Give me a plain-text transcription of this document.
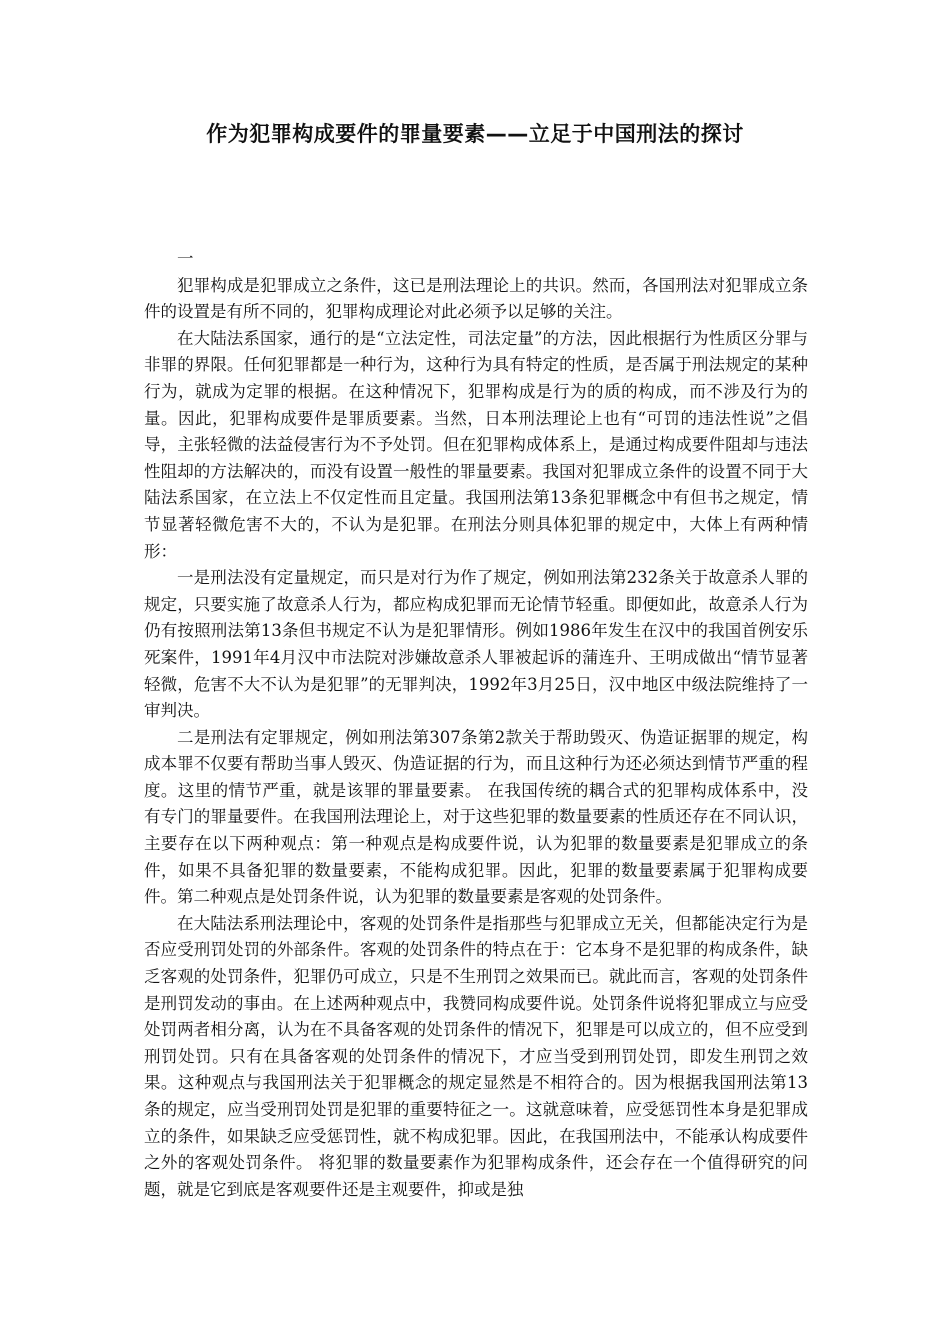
作为犯罪构成要件的罪量要素——立足于中国刑法的探讨
一

犯罪构成是犯罪成立之条件，这已是刑法理论上的共识。然而，各国刑法对犯罪成立条件的设置是有所不同的，犯罪构成理论对此必须予以足够的关注。

在大陆法系国家，通行的是“立法定性，司法定量”的方法，因此根据行为性质区分罪与非罪的界限。任何犯罪都是一种行为，这种行为具有特定的性质，是否属于刑法规定的某种行为，就成为定罪的根据。在这种情况下，犯罪构成是行为的质的构成，而不涉及行为的量。因此，犯罪构成要件是罪质要素。当然，日本刑法理论上也有“可罚的违法性说”之倡导，主张轻微的法益侵害行为不予处罚。但在犯罪构成体系上，是通过构成要件阻却与违法性阻却的方法解决的，而没有设置一般性的罪量要素。我国对犯罪成立条件的设置不同于大陆法系国家，在立法上不仅定性而且定量。我国刑法第13条犯罪概念中有但书之规定，情节显著轻微危害不大的，不认为是犯罪。在刑法分则具体犯罪的规定中，大体上有两种情形：

一是刑法没有定量规定，而只是对行为作了规定，例如刑法第232条关于故意杀人罪的规定，只要实施了故意杀人行为，都应构成犯罪而无论情节轻重。即便如此，故意杀人行为仍有按照刑法第13条但书规定不认为是犯罪情形。例如1986年发生在汉中的我国首例安乐死案件，1991年4月汉中市法院对涉嫌故意杀人罪被起诉的蒲连升、王明成做出“情节显著轻微，危害不大不认为是犯罪”的无罪判决，1992年3月25日，汉中地区中级法院维持了一审判决。

二是刑法有定罪规定，例如刑法第307条第2款关于帮助毁灭、伪造证据罪的规定，构成本罪不仅要有帮助当事人毁灭、伪造证据的行为，而且这种行为还必须达到情节严重的程度。这里的情节严重，就是该罪的罪量要素。 在我国传统的耦合式的犯罪构成体系中，没有专门的罪量要件。在我国刑法理论上，对于这些犯罪的数量要素的性质还存在不同认识，主要存在以下两种观点：第一种观点是构成要件说，认为犯罪的数量要素是犯罪成立的条件，如果不具备犯罪的数量要素，不能构成犯罪。因此，犯罪的数量要素属于犯罪构成要件。第二种观点是处罚条件说，认为犯罪的数量要素是客观的处罚条件。

在大陆法系刑法理论中，客观的处罚条件是指那些与犯罪成立无关，但都能决定行为是否应受刑罚处罚的外部条件。客观的处罚条件的特点在于：它本身不是犯罪的构成条件，缺乏客观的处罚条件，犯罪仍可成立，只是不生刑罚之效果而已。就此而言，客观的处罚条件是刑罚发动的事由。在上述两种观点中，我赞同构成要件说。处罚条件说将犯罪成立与应受处罚两者相分离，认为在不具备客观的处罚条件的情况下，犯罪是可以成立的，但不应受到刑罚处罚。只有在具备客观的处罚条件的情况下，才应当受到刑罚处罚，即发生刑罚之效果。这种观点与我国刑法关于犯罪概念的规定显然是不相符合的。因为根据我国刑法第13条的规定，应当受刑罚处罚是犯罪的重要特征之一。这就意味着，应受惩罚性本身是犯罪成立的条件，如果缺乏应受惩罚性，就不构成犯罪。因此，在我国刑法中，不能承认构成要件之外的客观处罚条件。 将犯罪的数量要素作为犯罪构成条件，还会存在一个值得研究的问题，就是它到底是客观要件还是主观要件，抑或是独
